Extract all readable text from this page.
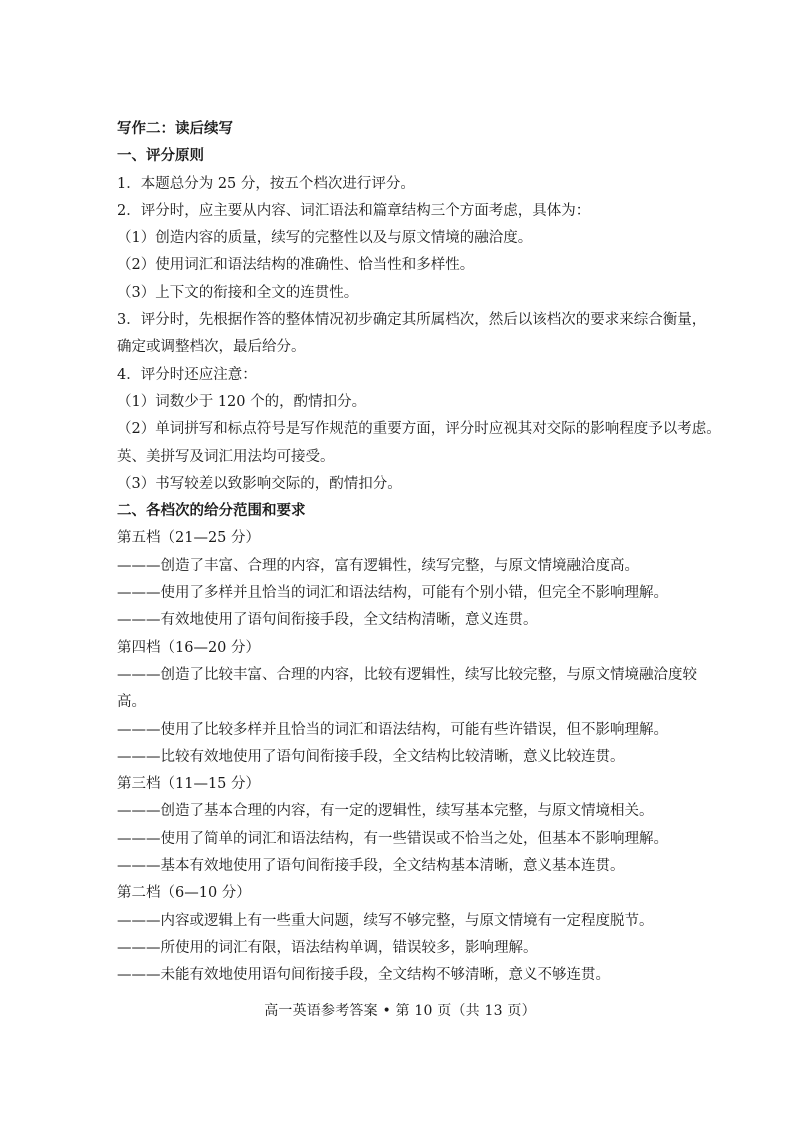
写作二：读后续写
一、评分原则
1．本题总分为 25 分，按五个档次进行评分。
2．评分时，应主要从内容、词汇语法和篇章结构三个方面考虑，具体为：
（1）创造内容的质量，续写的完整性以及与原文情境的融洽度。
（2）使用词汇和语法结构的准确性、恰当性和多样性。
（3）上下文的衔接和全文的连贯性。
3．评分时，先根据作答的整体情况初步确定其所属档次，然后以该档次的要求来综合衡量，
确定或调整档次，最后给分。
4．评分时还应注意：
（1）词数少于 120 个的，酌情扣分。
（2）单词拼写和标点符号是写作规范的重要方面，评分时应视其对交际的影响程度予以考虑。
英、美拼写及词汇用法均可接受。
（3）书写较差以致影响交际的，酌情扣分。
二、各档次的给分范围和要求
第五档（21—25 分）
———创造了丰富、合理的内容，富有逻辑性，续写完整，与原文情境融洽度高。
———使用了多样并且恰当的词汇和语法结构，可能有个别小错，但完全不影响理解。
———有效地使用了语句间衔接手段，全文结构清晰，意义连贯。
第四档（16—20 分）
———创造了比较丰富、合理的内容，比较有逻辑性，续写比较完整，与原文情境融洽度较
高。
———使用了比较多样并且恰当的词汇和语法结构，可能有些许错误，但不影响理解。
———比较有效地使用了语句间衔接手段，全文结构比较清晰，意义比较连贯。
第三档（11—15 分）
———创造了基本合理的内容，有一定的逻辑性，续写基本完整，与原文情境相关。
———使用了简单的词汇和语法结构，有一些错误或不恰当之处，但基本不影响理解。
———基本有效地使用了语句间衔接手段，全文结构基本清晰，意义基本连贯。
第二档（6—10 分）
———内容或逻辑上有一些重大问题，续写不够完整，与原文情境有一定程度脱节。
———所使用的词汇有限，语法结构单调，错误较多，影响理解。
———未能有效地使用语句间衔接手段，全文结构不够清晰，意义不够连贯。
高一英语参考答案 • 第 10 页（共 13 页）
